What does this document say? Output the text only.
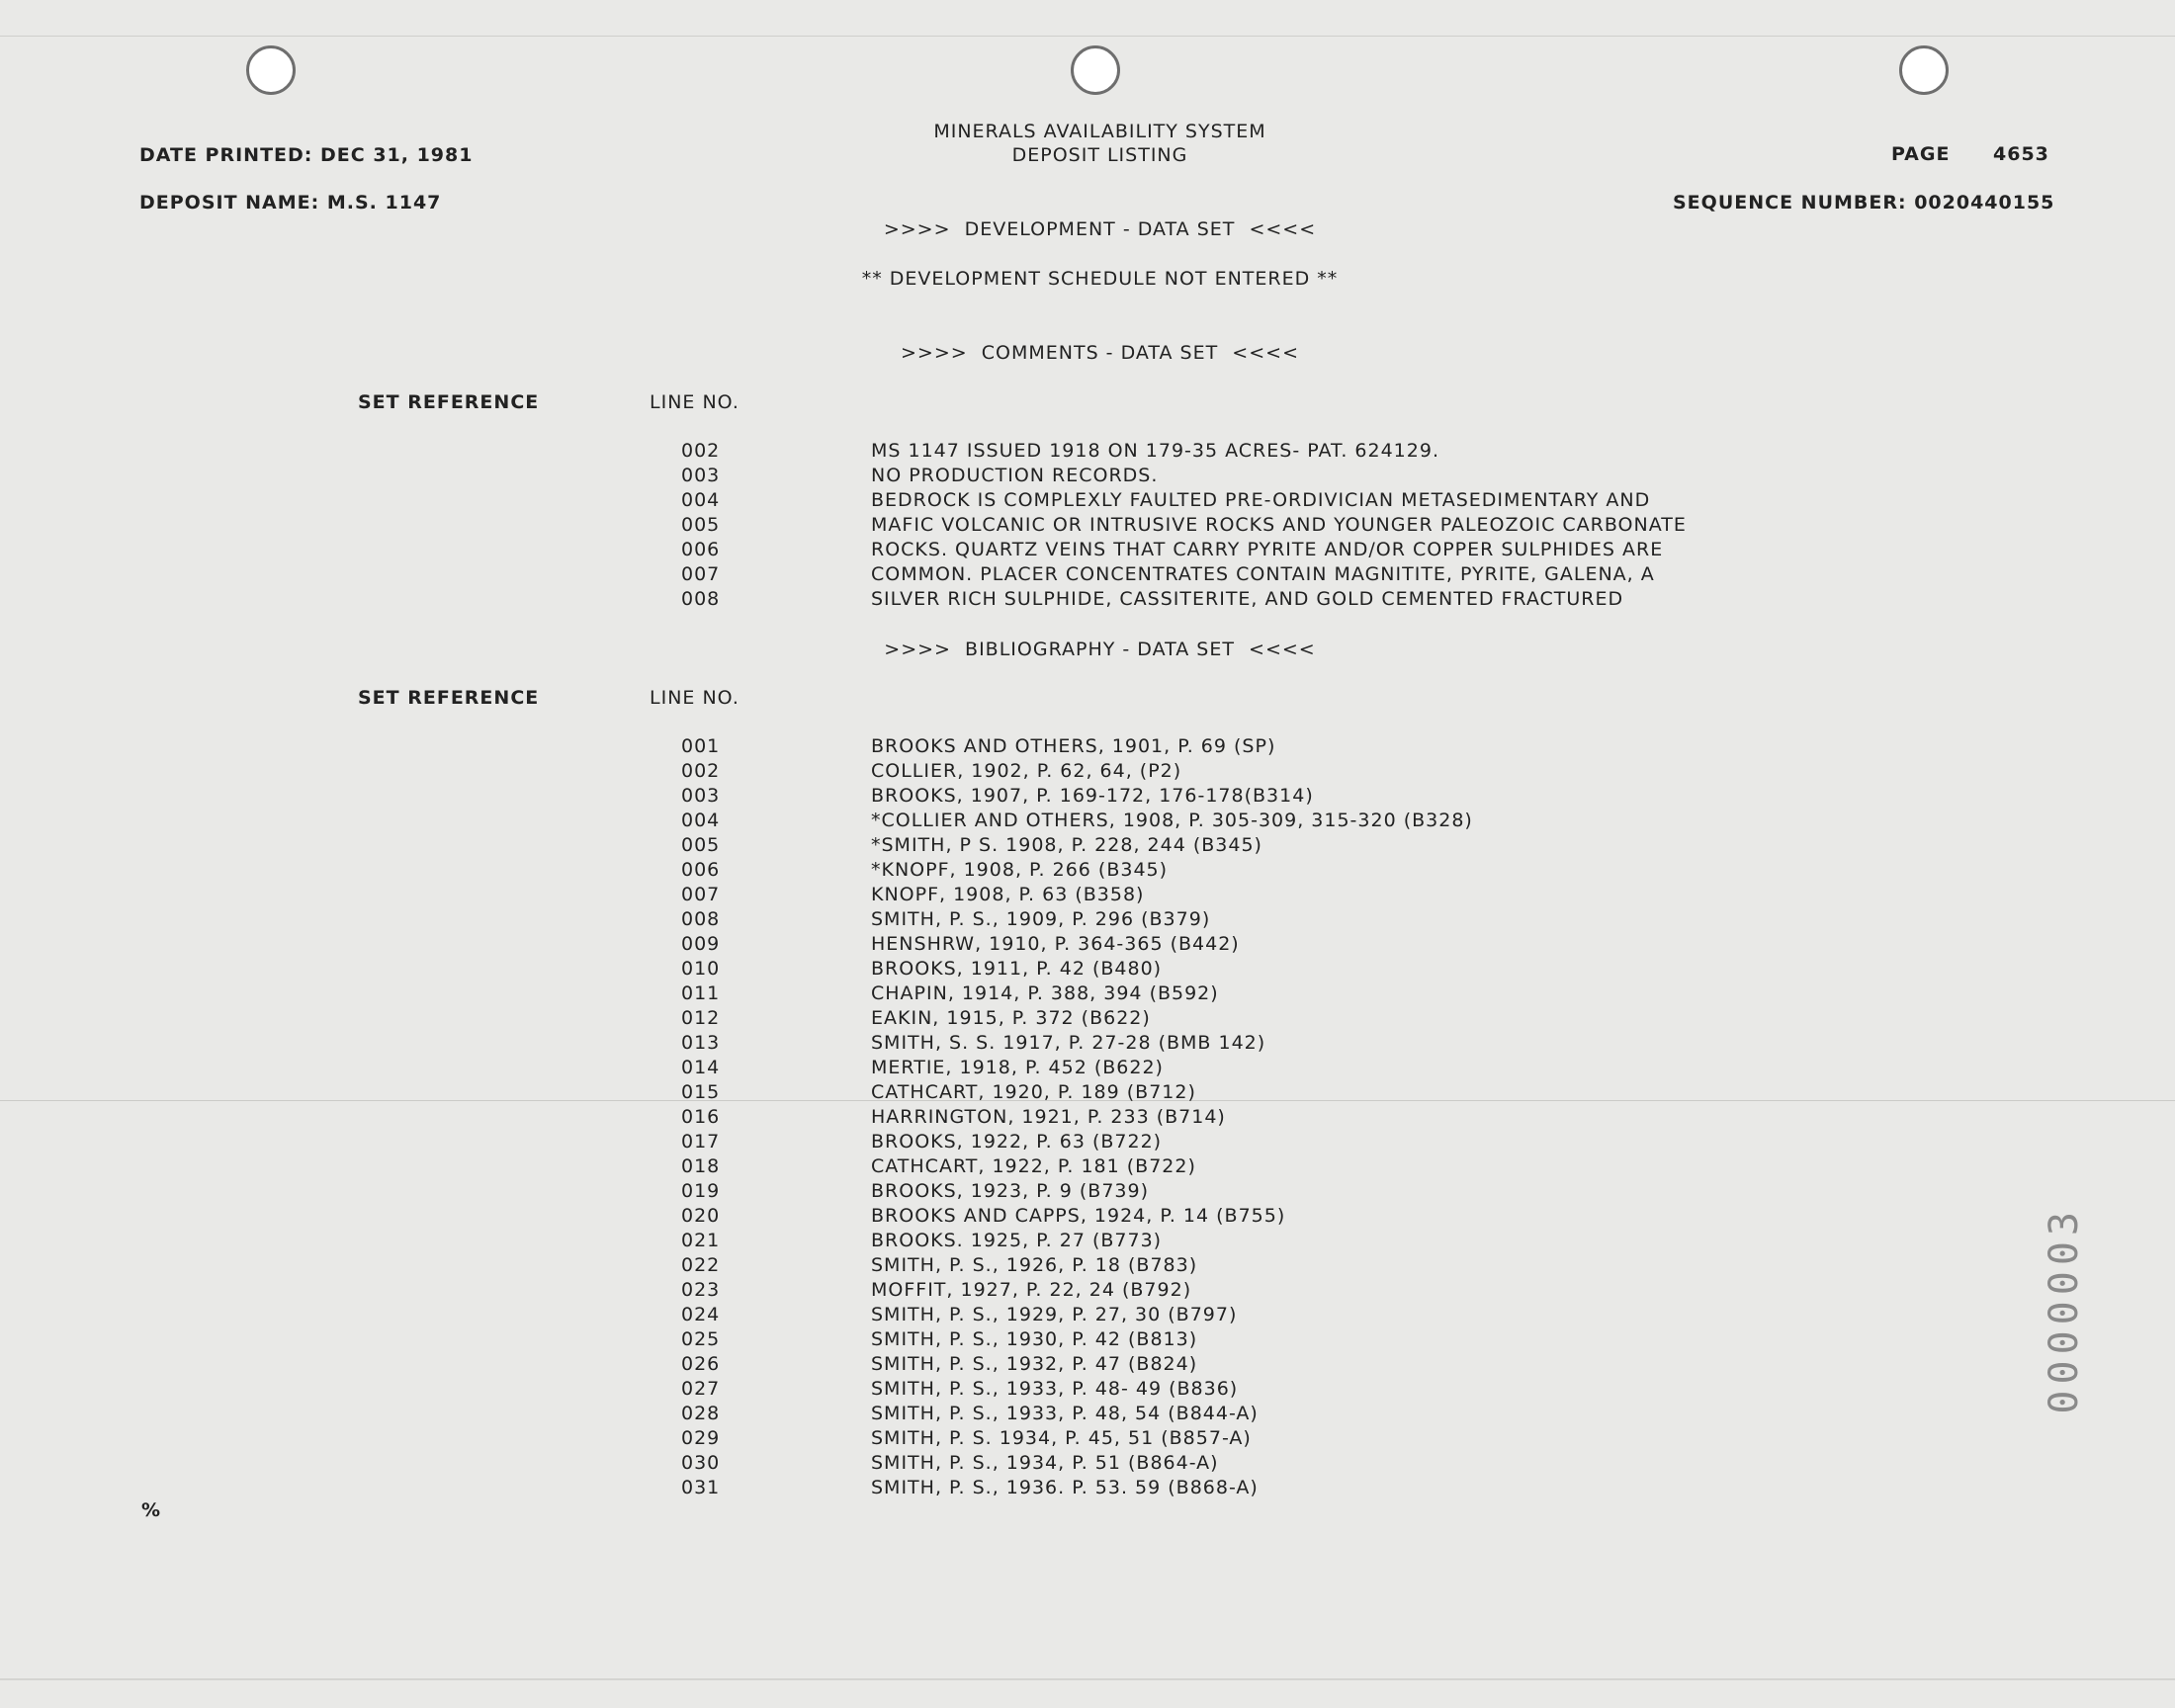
DATE PRINTED: DEC 31, 1981
MINERALS AVAILABILITY SYSTEM
DEPOSIT LISTING	PAGE 4653
DEPOSIT NAME: M.S. 1147	SEQUENCE NUMBER: 0020440155
>>>>  DEVELOPMENT - DATA SET  <<<<
** DEVELOPMENT SCHEDULE NOT ENTERED **
>>>>  COMMENTS - DATA SET  <<<<
SET REFERENCE	LINE NO.
002	MS 1147 ISSUED 1918 ON 179-35 ACRES- PAT. 624129.
003	NO PRODUCTION RECORDS.
004	BEDROCK IS COMPLEXLY FAULTED PRE-ORDIVICIAN METASEDIMENTARY AND
005	MAFIC VOLCANIC OR INTRUSIVE ROCKS AND YOUNGER PALEOZOIC CARBONATE
006	ROCKS. QUARTZ VEINS THAT CARRY PYRITE AND/OR COPPER SULPHIDES ARE
007	COMMON. PLACER CONCENTRATES CONTAIN MAGNITITE, PYRITE, GALENA, A
008	SILVER RICH SULPHIDE, CASSITERITE, AND GOLD CEMENTED FRACTURED
>>>>  BIBLIOGRAPHY - DATA SET  <<<<
SET REFERENCE	LINE NO.
001	BROOKS AND OTHERS, 1901, P. 69 (SP)
002	COLLIER, 1902, P. 62, 64, (P2)
003	BROOKS, 1907, P. 169-172, 176-178(B314)
004	*COLLIER AND OTHERS, 1908, P. 305-309, 315-320 (B328)
005	*SMITH, P S. 1908, P. 228, 244 (B345)
006	*KNOPF, 1908, P. 266 (B345)
007	KNOPF, 1908, P. 63 (B358)
008	SMITH, P. S., 1909, P. 296 (B379)
009	HENSHRW, 1910, P. 364-365 (B442)
010	BROOKS, 1911, P. 42 (B480)
011	CHAPIN, 1914, P. 388, 394 (B592)
012	EAKIN, 1915, P. 372 (B622)
013	SMITH, S. S. 1917, P. 27-28 (BMB 142)
014	MERTIE, 1918, P. 452 (B622)
015	CATHCART, 1920, P. 189 (B712)
016	HARRINGTON, 1921, P. 233 (B714)
017	BROOKS, 1922, P. 63 (B722)
018	CATHCART, 1922, P. 181 (B722)
019	BROOKS, 1923, P. 9 (B739)
020	BROOKS AND CAPPS, 1924, P. 14 (B755)
021	BROOKS. 1925, P. 27 (B773)
022	SMITH, P. S., 1926, P. 18 (B783)
023	MOFFIT, 1927, P. 22, 24 (B792)
024	SMITH, P. S., 1929, P. 27, 30 (B797)
025	SMITH, P. S., 1930, P. 42 (B813)
026	SMITH, P. S., 1932, P. 47 (B824)
027	SMITH, P. S., 1933, P. 48- 49 (B836)
028	SMITH, P. S., 1933, P. 48, 54 (B844-A)
029	SMITH, P. S. 1934, P. 45, 51 (B857-A)
030	SMITH, P. S., 1934, P. 51 (B864-A)
031	SMITH, P. S., 1936. P. 53. 59 (B868-A)
%
0000003
